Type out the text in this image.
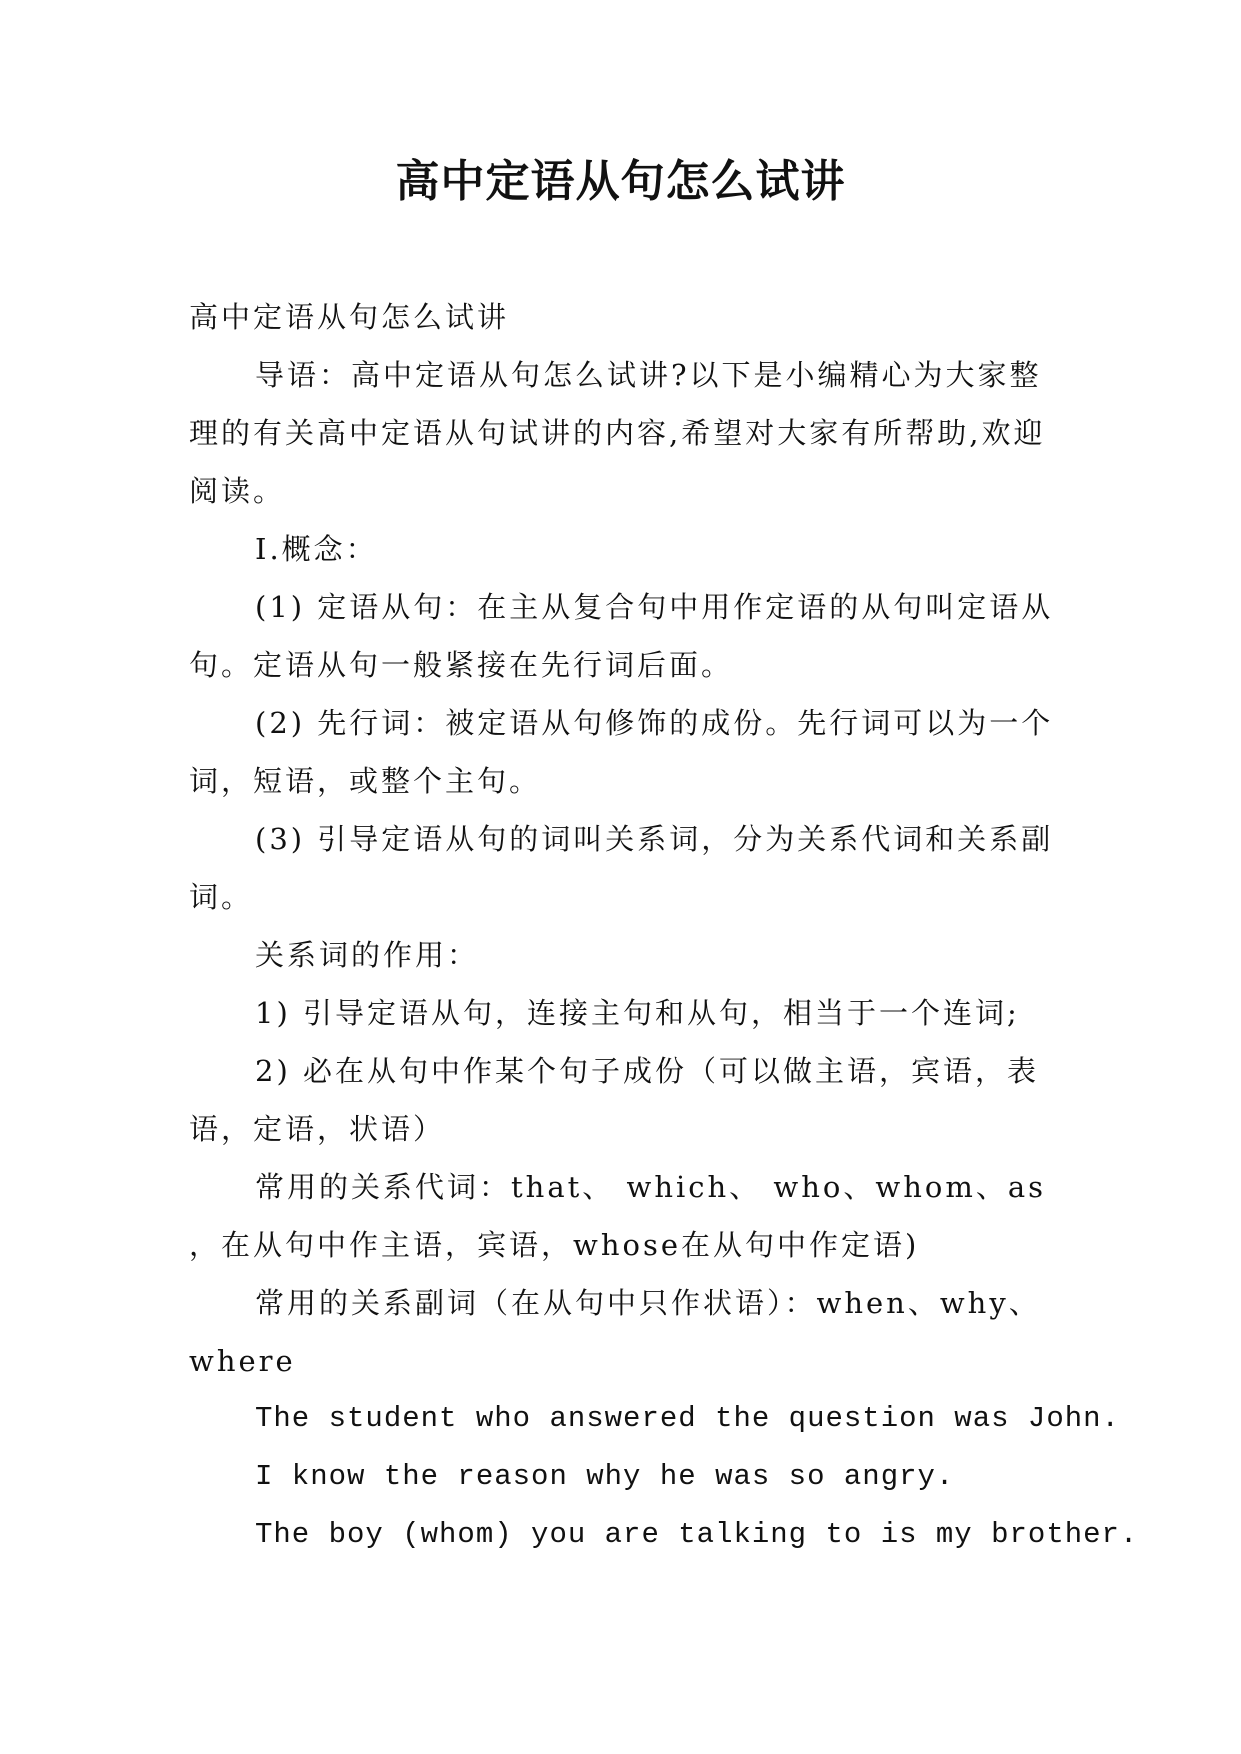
高中定语从句怎么试讲

高中定语从句怎么试讲

导语：高中定语从句怎么试讲?以下是小编精心为大家整理的有关高中定语从句试讲的内容,希望对大家有所帮助,欢迎阅读。

Ⅰ.概念：

(1) 定语从句：在主从复合句中用作定语的从句叫定语从句。定语从句一般紧接在先行词后面。

(2) 先行词：被定语从句修饰的成份。先行词可以为一个词，短语，或整个主句。

(3) 引导定语从句的词叫关系词，分为关系代词和关系副词。

关系词的作用：

1) 引导定语从句，连接主句和从句，相当于一个连词;

2) 必在从句中作某个句子成份（可以做主语，宾语，表语，定语，状语）

常用的关系代词：that、 which、 who、whom、as ，在从句中作主语，宾语，whose在从句中作定语)

常用的关系副词（在从句中只作状语）：when、why、where

The student who answered the question was John.

I know the reason why he was so angry.

The boy (whom) you are talking to is my brother.
